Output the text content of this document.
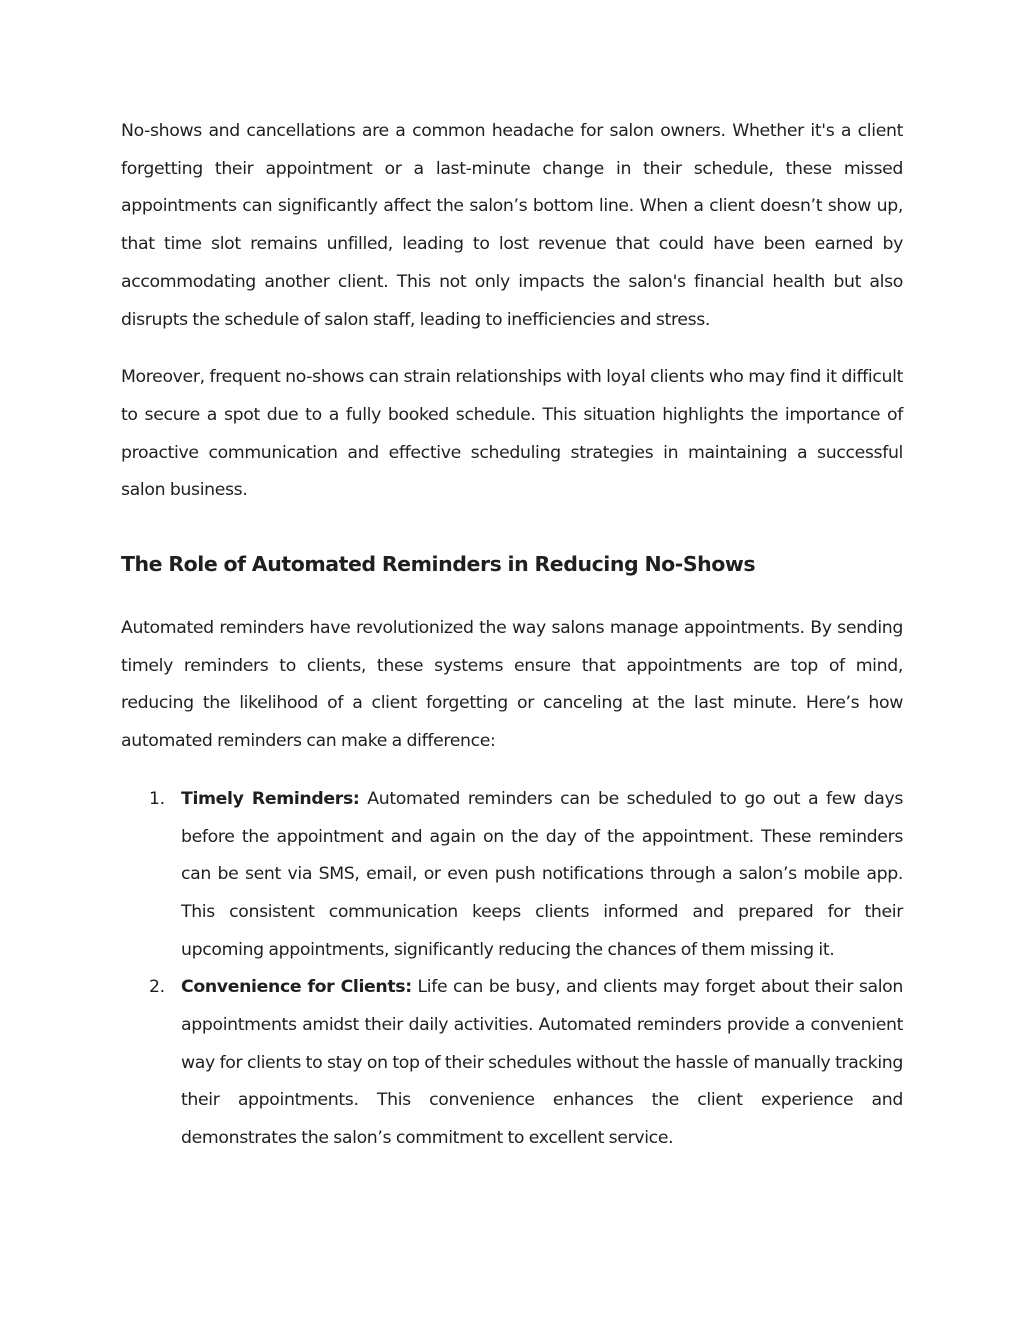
No-shows and cancellations are a common headache for salon owners. Whether it's a client forgetting their appointment or a last-minute change in their schedule, these missed appointments can significantly affect the salon’s bottom line. When a client doesn’t show up, that time slot remains unfilled, leading to lost revenue that could have been earned by accommodating another client. This not only impacts the salon's financial health but also disrupts the schedule of salon staff, leading to inefficiencies and stress.

Moreover, frequent no-shows can strain relationships with loyal clients who may find it difficult to secure a spot due to a fully booked schedule. This situation highlights the importance of proactive communication and effective scheduling strategies in maintaining a successful salon business.

The Role of Automated Reminders in Reducing No-Shows

Automated reminders have revolutionized the way salons manage appointments. By sending timely reminders to clients, these systems ensure that appointments are top of mind, reducing the likelihood of a client forgetting or canceling at the last minute. Here’s how automated reminders can make a difference:

1. Timely Reminders: Automated reminders can be scheduled to go out a few days before the appointment and again on the day of the appointment. These reminders can be sent via SMS, email, or even push notifications through a salon’s mobile app. This consistent communication keeps clients informed and prepared for their upcoming appointments, significantly reducing the chances of them missing it.
2. Convenience for Clients: Life can be busy, and clients may forget about their salon appointments amidst their daily activities. Automated reminders provide a convenient way for clients to stay on top of their schedules without the hassle of manually tracking their appointments. This convenience enhances the client experience and demonstrates the salon’s commitment to excellent service.
